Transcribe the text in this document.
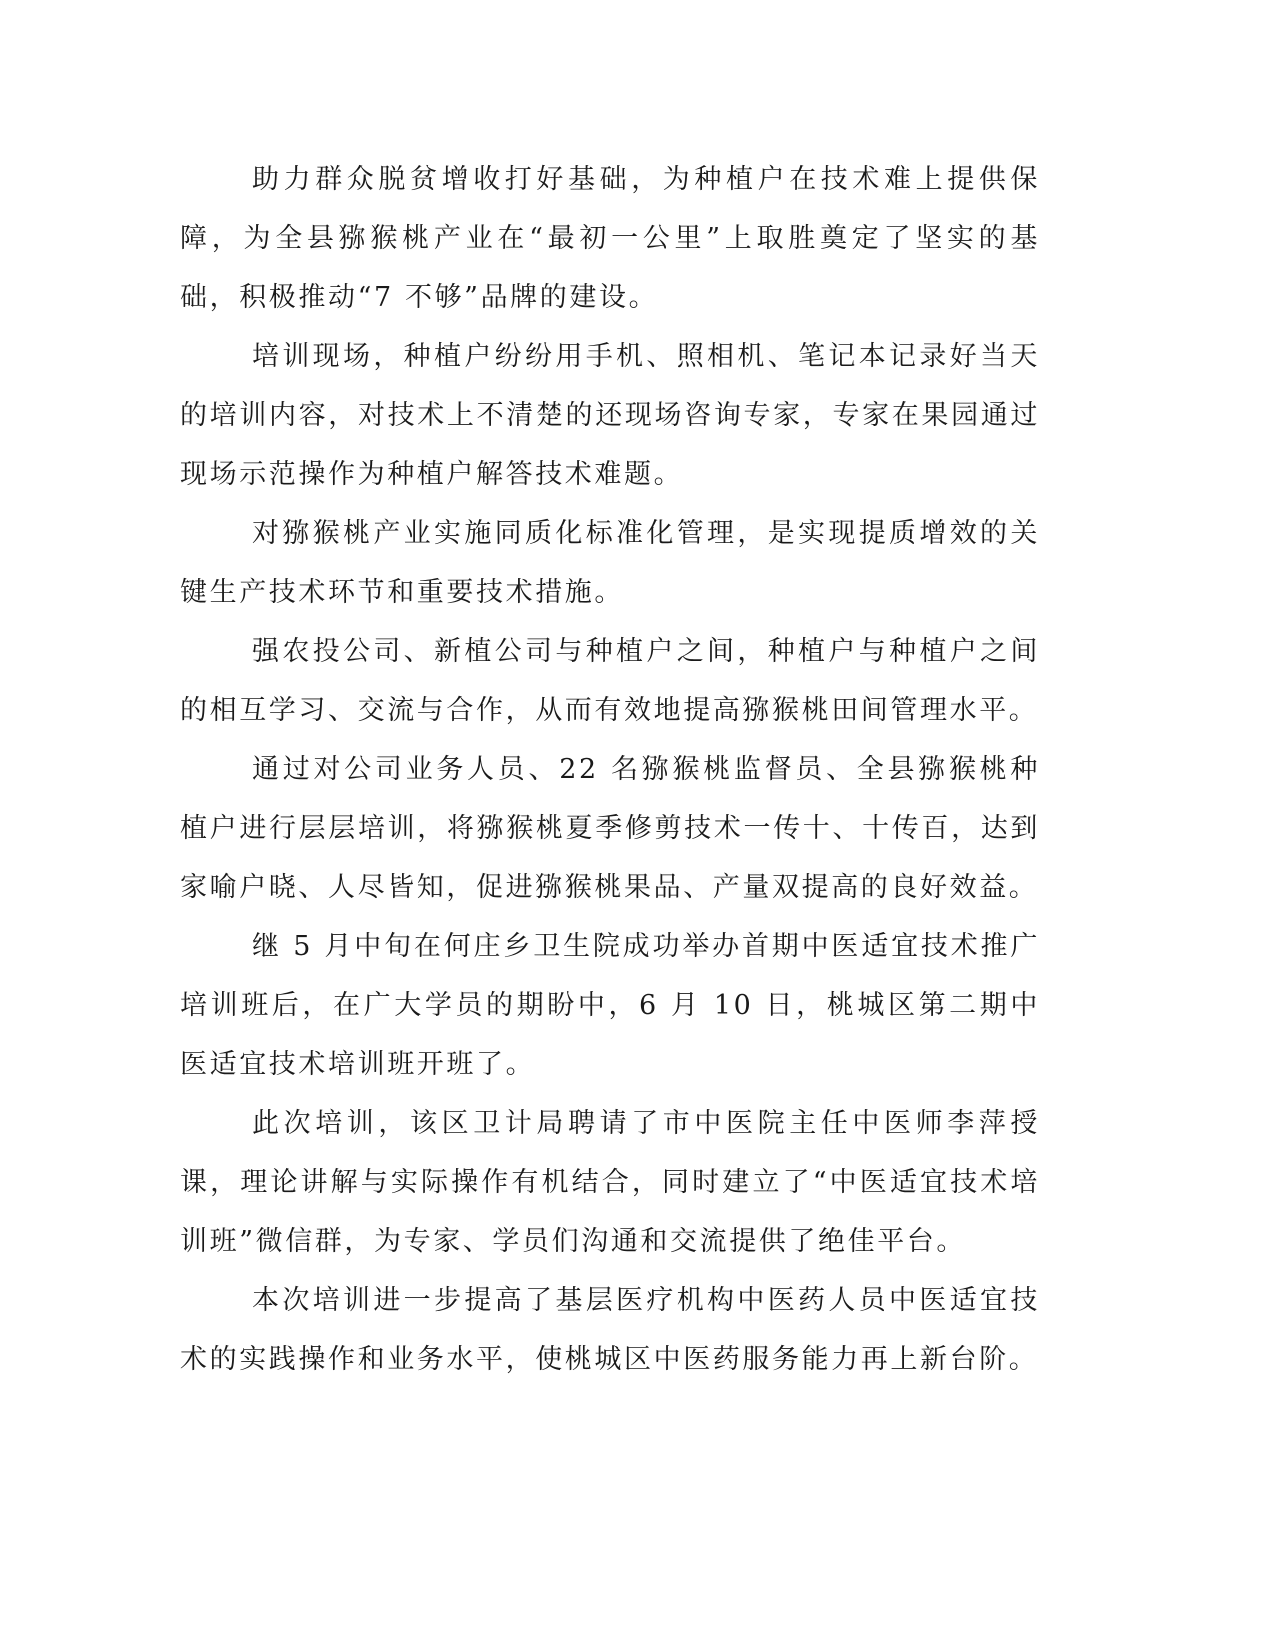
助力群众脱贫增收打好基础，为种植户在技术难上提供保障，为全县猕猴桃产业在“最初一公里”上取胜奠定了坚实的基础，积极推动“7 不够”品牌的建设。

培训现场，种植户纷纷用手机、照相机、笔记本记录好当天的培训内容，对技术上不清楚的还现场咨询专家，专家在果园通过现场示范操作为种植户解答技术难题。

对猕猴桃产业实施同质化标准化管理，是实现提质增效的关键生产技术环节和重要技术措施。

强农投公司、新植公司与种植户之间，种植户与种植户之间的相互学习、交流与合作，从而有效地提高猕猴桃田间管理水平。

通过对公司业务人员、22 名猕猴桃监督员、全县猕猴桃种植户进行层层培训，将猕猴桃夏季修剪技术一传十、十传百，达到家喻户晓、人尽皆知，促进猕猴桃果品、产量双提高的良好效益。

继 5 月中旬在何庄乡卫生院成功举办首期中医适宜技术推广培训班后，在广大学员的期盼中，6 月 10 日，桃城区第二期中医适宜技术培训班开班了。

此次培训，该区卫计局聘请了市中医院主任中医师李萍授课，理论讲解与实际操作有机结合，同时建立了“中医适宜技术培训班”微信群，为专家、学员们沟通和交流提供了绝佳平台。

本次培训进一步提高了基层医疗机构中医药人员中医适宜技术的实践操作和业务水平，使桃城区中医药服务能力再上新台阶。
